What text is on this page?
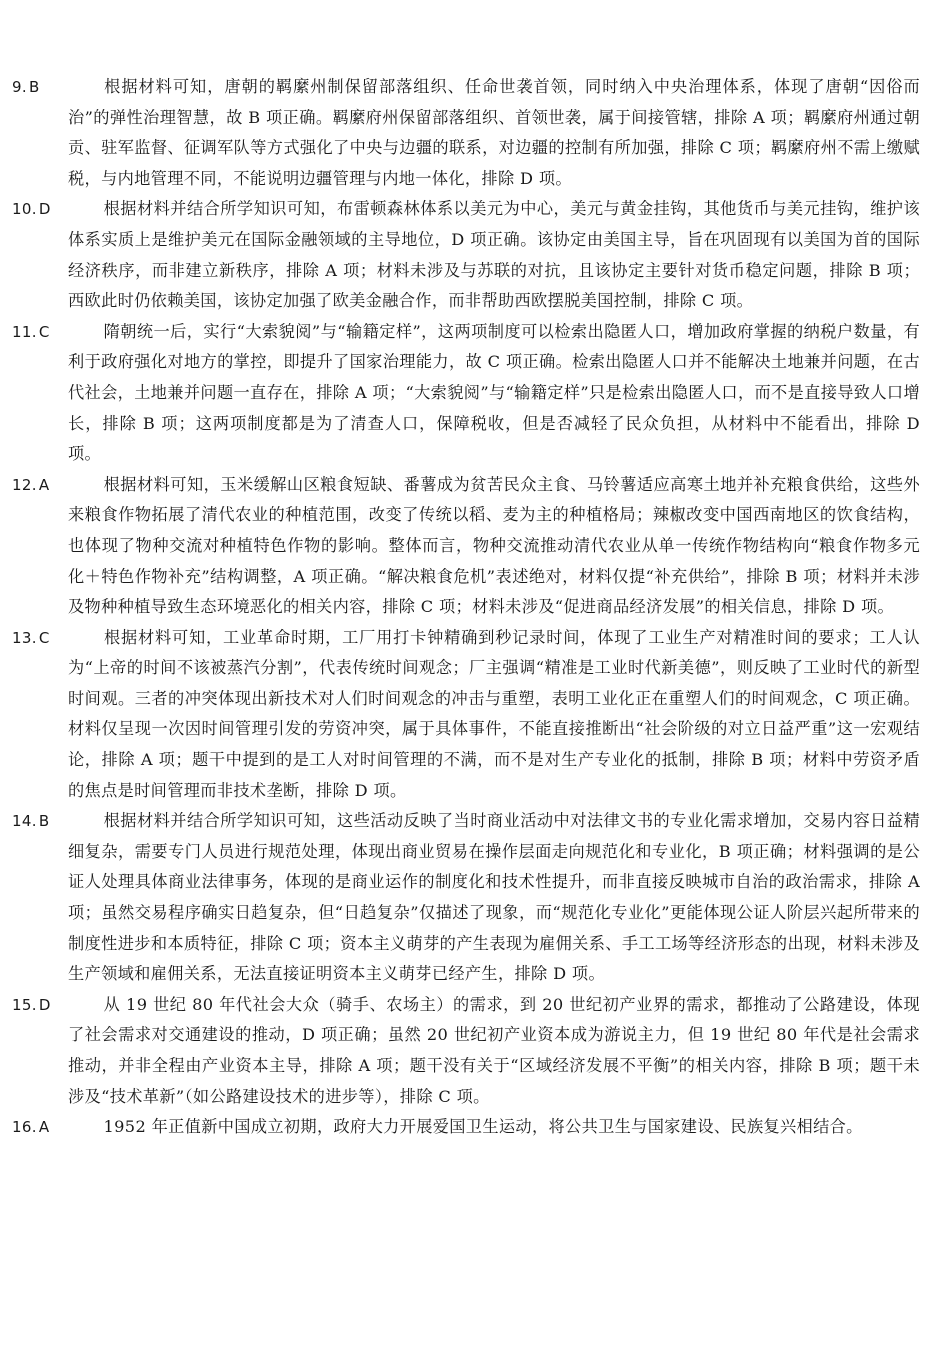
9. B	根据材料可知，唐朝的羁縻州制保留部落组织、任命世袭首领，同时纳入中央治理体系，体现了唐朝“因俗而治”的弹性治理智慧，故 B 项正确。羁縻府州保留部落组织、首领世袭，属于间接管辖，排除 A 项；羁縻府州通过朝贡、驻军监督、征调军队等方式强化了中央与边疆的联系，对边疆的控制有所加强，排除 C 项；羁縻府州不需上缴赋税，与内地管理不同，不能说明边疆管理与内地一体化，排除 D 项。
10. D	根据材料并结合所学知识可知，布雷顿森林体系以美元为中心，美元与黄金挂钩，其他货币与美元挂钩，维护该体系实质上是维护美元在国际金融领域的主导地位，D 项正确。该协定由美国主导，旨在巩固现有以美国为首的国际经济秩序，而非建立新秩序，排除 A 项；材料未涉及与苏联的对抗，且该协定主要针对货币稳定问题，排除 B 项；西欧此时仍依赖美国，该协定加强了欧美金融合作，而非帮助西欧摆脱美国控制，排除 C 项。
11. C	隋朝统一后，实行“大索貌阅”与“输籍定样”，这两项制度可以检索出隐匿人口，增加政府掌握的纳税户数量，有利于政府强化对地方的掌控，即提升了国家治理能力，故 C 项正确。检索出隐匿人口并不能解决土地兼并问题，在古代社会，土地兼并问题一直存在，排除 A 项；“大索貌阅”与“输籍定样”只是检索出隐匿人口，而不是直接导致人口增长，排除 B 项；这两项制度都是为了清查人口，保障税收，但是否减轻了民众负担，从材料中不能看出，排除 D 项。
12. A	根据材料可知，玉米缓解山区粮食短缺、番薯成为贫苦民众主食、马铃薯适应高寒土地并补充粮食供给，这些外来粮食作物拓展了清代农业的种植范围，改变了传统以稻、麦为主的种植格局；辣椒改变中国西南地区的饮食结构，也体现了物种交流对种植特色作物的影响。整体而言，物种交流推动清代农业从单一传统作物结构向“粮食作物多元化＋特色作物补充”结构调整，A 项正确。“解决粮食危机”表述绝对，材料仅提“补充供给”，排除 B 项；材料并未涉及物种种植导致生态环境恶化的相关内容，排除 C 项；材料未涉及“促进商品经济发展”的相关信息，排除 D 项。
13. C	根据材料可知，工业革命时期，工厂用打卡钟精确到秒记录时间，体现了工业生产对精准时间的要求；工人认为“上帝的时间不该被蒸汽分割”，代表传统时间观念；厂主强调“精准是工业时代新美德”，则反映了工业时代的新型时间观。三者的冲突体现出新技术对人们时间观念的冲击与重塑，表明工业化正在重塑人们的时间观念，C 项正确。材料仅呈现一次因时间管理引发的劳资冲突，属于具体事件，不能直接推断出“社会阶级的对立日益严重”这一宏观结论，排除 A 项；题干中提到的是工人对时间管理的不满，而不是对生产专业化的抵制，排除 B 项；材料中劳资矛盾的焦点是时间管理而非技术垄断，排除 D 项。
14. B	根据材料并结合所学知识可知，这些活动反映了当时商业活动中对法律文书的专业化需求增加，交易内容日益精细复杂，需要专门人员进行规范处理，体现出商业贸易在操作层面走向规范化和专业化，B 项正确；材料强调的是公证人处理具体商业法律事务，体现的是商业运作的制度化和技术性提升，而非直接反映城市自治的政治需求，排除 A 项；虽然交易程序确实日趋复杂，但“日趋复杂”仅描述了现象，而“规范化专业化”更能体现公证人阶层兴起所带来的制度性进步和本质特征，排除 C 项；资本主义萌芽的产生表现为雇佣关系、手工工场等经济形态的出现，材料未涉及生产领域和雇佣关系，无法直接证明资本主义萌芽已经产生，排除 D 项。
15. D	从 19 世纪 80 年代社会大众（骑手、农场主）的需求，到 20 世纪初产业界的需求，都推动了公路建设，体现了社会需求对交通建设的推动，D 项正确；虽然 20 世纪初产业资本成为游说主力，但 19 世纪 80 年代是社会需求推动，并非全程由产业资本主导，排除 A 项；题干没有关于“区域经济发展不平衡”的相关内容，排除 B 项；题干未涉及“技术革新”（如公路建设技术的进步等），排除 C 项。
16. A	1952 年正值新中国成立初期，政府大力开展爱国卫生运动，将公共卫生与国家建设、民族复兴相结合。
